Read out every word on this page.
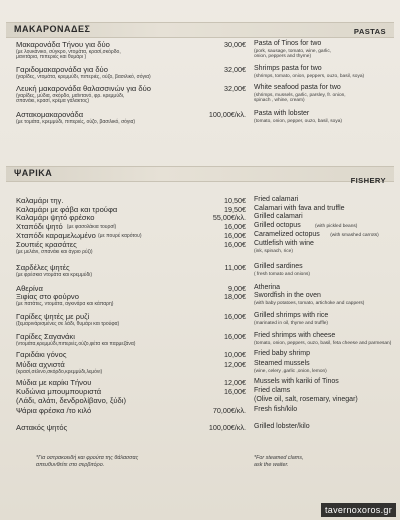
ΜΑΚΑΡΟΝΑΔΕΣ	PASTAS
Μακαρονάδα Τήνου για δύο
(με λουκάνικο, σύγκρο, ντομάτα, κρασί,σκόρδο,
μανιτάρια, πιπεριές και θυμάρι )
30,00€ Pasta of Tinos for two
(pork, sausage, tomato, wine, garlic,
onion, peppers and thyme)
Γαριδομακαρονάδα για δύο
(γαρίδες, ντομάτα, κρεμμύδι, πιπεριές, ούζο, βασιλικό, σόγια)
32,00€ Shrimps pasta for two
(shrimps, tomato, onion, peppers, ouzo, basil, soya)
Λευκή μακαρονάδα θαλασσινών για δύο
(γαρίδες, μύδια, σκόρδο, μαϊντανό, φρ. κρεμμύδι,
σπανάκι, κρασί, κρέμα γάλακτος)
32,00€ White seafood pasta for two
(shrimps, mussels, garlic, parsley, fr. onion,
spinach , whine, cream)
Αστακομακαρονάδα
(με τομάτα, κρεμμύδι, πιπεριές, ούζο, βασιλικό, σόγια)
100,00€/κλ. Pasta with lobster
(tomato, onion, pepper, ouzo, basil, soya)
ΨΑΡΙΚΑ
FISHERY
Καλαμάρι τηγ.	10,50€ Fried calamari
Καλαμάρι με φάβα και τρούφα	19,50€ Calamari with fava and truffle
Καλαμάρι ψητό φρέσκο	55,00€/κλ. Grilled calamari
Χταπόδι ψητό (με φασολάκια τουρσί)	16,00€ Grilled octopus	(with pickled beans)
Χταπόδι καραμελωμένο (με πουρέ καρότου)	16,00€ Caramelized octopus (with smashed carrots)
Σουπιές κρασάτες
(με μελάνι, σπανάκι και άγριο ρύζι)
16,00€ Cuttlefish with wine
(ink, spinach, rice)
Σαρδέλες ψητές
(με φρέσκια ντομάτα και κρεμμύδι)
11,00€ Grilled sardines
( fresh tomato and onions)
Αθερίνα	9,00€ Atherina
Ξιφίας στο φούρνο
(με πατάτες, ντομάτα, αγκινάρα και κάπαρη)
18,00€ Swordfish in the oven
(with baby potatoes, tomato, artichoke and cappers)
Γαρίδες ψητές με ρυζί
(ξεμαρινάρισμένες σε λάδι, θυμάρι και τρούφα)
16,00€ Grilled shrimps with rice
(marinated in oil, thyme and truffle)
Γαρίδες Σαγανάκι
(ντομάτα,κρεμμύδι,πιπεριές,ούζο,φέτα και παρμεζάνα)
16,00€ Fried shrimps with cheese
(tomato, onion, peppers, ouzo, basil, feta cheese and parmesan)
Γαριδάκι γόνος	10,00€ Fried baby shrimp
Μύδια αχνιστά
(κρασί,σέλινο,σκόρδο,κρεμμύδι,λεμόνι)
12,00€ Steamed mussels
(wine, celery ,garlic ,onion, lemon)
Μύδια με καρίκι Τήνου	12,00€ Mussels with kariki of Tinos
Κυδώνια μπουμπουριστά	16,00€ Fried clams
(Λάδι, αλάτι, δενδρολίβανο, ξύδι)	(Olive oil, salt, rosemary, vinegar)
Ψάρια φρέσκα /το κιλό	70,00€/κλ. Fresh fish/kilo
Αστακός ψητός	100,00€/κλ. Grilled lobster/kilo
*Για οστρακοειδή και φρούτα της θάλασσας
απευθυνθείτε στο σερβιτόρο.
*For steamed clams,
ask the waiter.
tavernoxoros.gr
